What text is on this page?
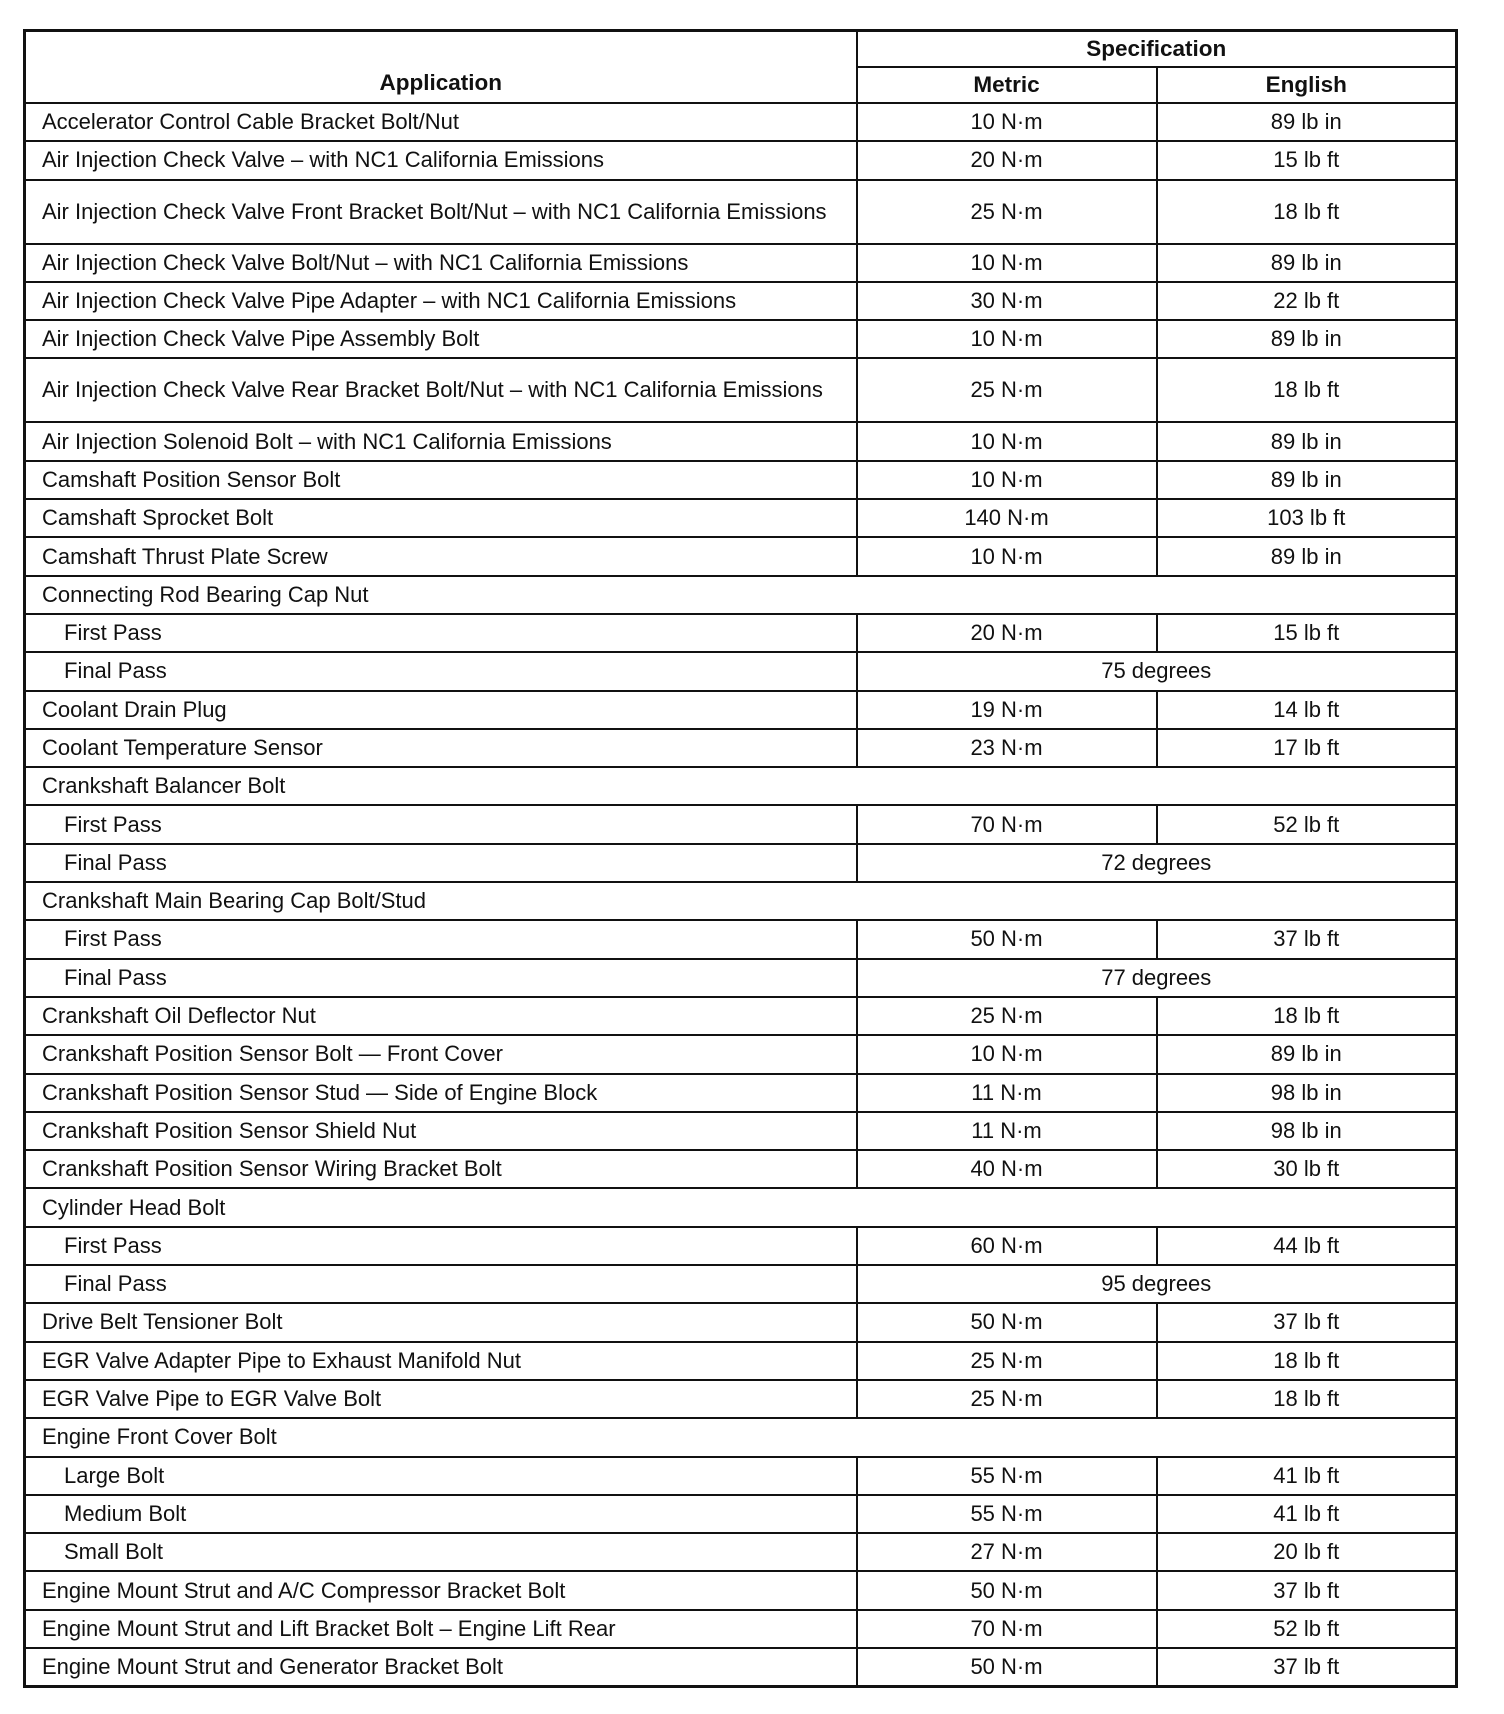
Application	Specification	
	Metric	English
Accelerator Control Cable Bracket Bolt/Nut	10 N·m	89 lb in
Air Injection Check Valve – with NC1 California Emissions	20 N·m	15 lb ft
Air Injection Check Valve Front Bracket Bolt/Nut – with NC1 California Emissions	25 N·m	18 lb ft
Air Injection Check Valve Bolt/Nut – with NC1 California Emissions	10 N·m	89 lb in
Air Injection Check Valve Pipe Adapter – with NC1 California Emissions	30 N·m	22 lb ft
Air Injection Check Valve Pipe Assembly Bolt	10 N·m	89 lb in
Air Injection Check Valve Rear Bracket Bolt/Nut – with NC1 California Emissions	25 N·m	18 lb ft
Air Injection Solenoid Bolt – with NC1 California Emissions	10 N·m	89 lb in
Camshaft Position Sensor Bolt	10 N·m	89 lb in
Camshaft Sprocket Bolt	140 N·m	103 lb ft
Camshaft Thrust Plate Screw	10 N·m	89 lb in
Connecting Rod Bearing Cap Nut		
First Pass	20 N·m	15 lb ft
Final Pass	75 degrees	
Coolant Drain Plug	19 N·m	14 lb ft
Coolant Temperature Sensor	23 N·m	17 lb ft
Crankshaft Balancer Bolt		
First Pass	70 N·m	52 lb ft
Final Pass	72 degrees	
Crankshaft Main Bearing Cap Bolt/Stud		
First Pass	50 N·m	37 lb ft
Final Pass	77 degrees	
Crankshaft Oil Deflector Nut	25 N·m	18 lb ft
Crankshaft Position Sensor Bolt — Front Cover	10 N·m	89 lb in
Crankshaft Position Sensor Stud — Side of Engine Block	11 N·m	98 lb in
Crankshaft Position Sensor Shield Nut	11 N·m	98 lb in
Crankshaft Position Sensor Wiring Bracket Bolt	40 N·m	30 lb ft
Cylinder Head Bolt		
First Pass	60 N·m	44 lb ft
Final Pass	95 degrees	
Drive Belt Tensioner Bolt	50 N·m	37 lb ft
EGR Valve Adapter Pipe to Exhaust Manifold Nut	25 N·m	18 lb ft
EGR Valve Pipe to EGR Valve Bolt	25 N·m	18 lb ft
Engine Front Cover Bolt		
Large Bolt	55 N·m	41 lb ft
Medium Bolt	55 N·m	41 lb ft
Small Bolt	27 N·m	20 lb ft
Engine Mount Strut and A/C Compressor Bracket Bolt	50 N·m	37 lb ft
Engine Mount Strut and Lift Bracket Bolt – Engine Lift Rear	70 N·m	52 lb ft
Engine Mount Strut and Generator Bracket Bolt	50 N·m	37 lb ft
